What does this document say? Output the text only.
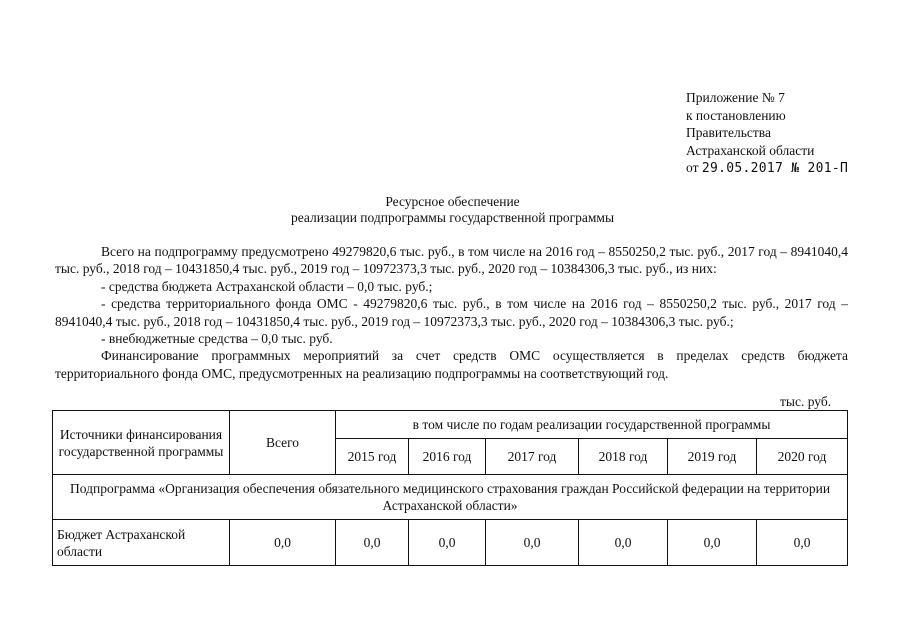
Приложение № 7
к постановлению
Правительства
Астраханской области
от 29.05.2017 № 201-П
Ресурсное обеспечение
реализации подпрограммы государственной программы

Всего на подпрограмму предусмотрено 49279820,6 тыс. руб., в том числе на 2016 год – 8550250,2 тыс. руб., 2017 год – 8941040,4 тыс. руб., 2018 год – 10431850,4 тыс. руб., 2019 год – 10972373,3 тыс. руб., 2020 год – 10384306,3 тыс. руб., из них:

- средства бюджета Астраханской области – 0,0 тыс. руб.;

- средства территориального фонда ОМС - 49279820,6 тыс. руб., в том числе на 2016 год – 8550250,2 тыс. руб., 2017 год – 8941040,4 тыс. руб., 2018 год – 10431850,4 тыс. руб., 2019 год – 10972373,3 тыс. руб., 2020 год – 10384306,3 тыс. руб.;

- внебюджетные средства – 0,0 тыс. руб.

Финансирование программных мероприятий за счет средств ОМС осуществляется в пределах средств бюджета территориального фонда ОМС, предусмотренных на реализацию подпрограммы на соответствующий год.

тыс. руб.
Источники финансирования государственной программы	Всего	в том числе по годам реализации государственной программы					
		2015 год	2016 год	2017 год	2018 год	2019 год	2020 год
Подпрограмма «Организация обеспечения обязательного медицинского страхования граждан Российской федерации на территории Астраханской области»							
Бюджет Астраханской области	0,0	0,0	0,0	0,0	0,0	0,0	0,0
